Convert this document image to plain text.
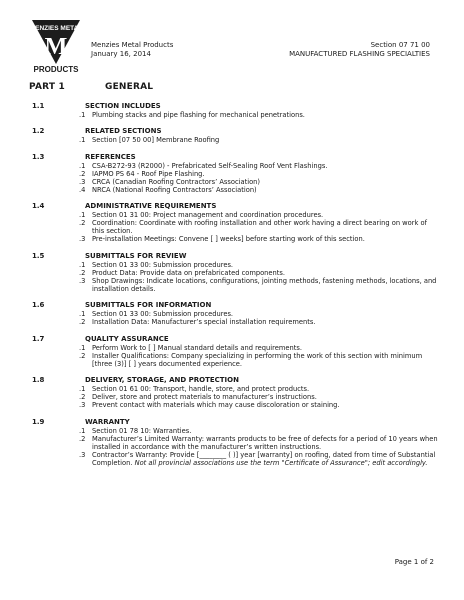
MENZIES METAL
M
PRODUCTS
Menzies Metal Products
January 16, 2014
Section 07 71 00
MANUFACTURED FLASHING SPECIALTIES
PART 1	GENERAL
1.1	SECTION INCLUDES
.1 Plumbing stacks and pipe flashing for mechanical penetrations.
1.2	RELATED SECTIONS
.1 Section [07 50 00] Membrane Roofing
1.3	REFERENCES
.1 CSA-B272-93 (R2000) - Prefabricated Self-Sealing Roof Vent Flashings.
.2 IAPMO PS 64 - Roof Pipe Flashing.
.3 CRCA (Canadian Roofing Contractors’ Association)
.4 NRCA (National Roofing Contractors’ Association)
1.4	ADMINISTRATIVE REQUIREMENTS
.1 Section 01 31 00: Project management and coordination procedures.
.2 Coordination: Coordinate with roofing installation and other work having a direct bearing on work of this section.
.3 Pre-installation Meetings: Convene [ ] weeks] before starting work of this section.
1.5	SUBMITTALS FOR REVIEW
.1 Section 01 33 00: Submission procedures.
.2 Product Data: Provide data on prefabricated components.
.3 Shop Drawings: Indicate locations, configurations, jointing methods, fastening methods, locations, and installation details.
1.6	SUBMITTALS FOR INFORMATION
.1 Section 01 33 00: Submission procedures.
.2 Installation Data: Manufacturer’s special installation requirements.
1.7	QUALITY ASSURANCE
.1 Perform Work to [ ] Manual standard details and requirements.
.2 Installer Qualifications: Company specializing in performing the work of this section with minimum [three (3)] [ ] years documented experience.
1.8	DELIVERY, STORAGE, AND PROTECTION
.1 Section 01 61 00: Transport, handle, store, and protect products.
.2 Deliver, store and protect materials to manufacturer’s instructions.
.3 Prevent contact with materials which may cause discoloration or staining.
1.9	WARRANTY
.1 Section 01 78 10: Warranties.
.2 Manufacturer’s Limited Warranty: warrants products to be free of defects for a period of 10 years when installed in accordance with the manufacturer’s written instructions.
.3 Contractor’s Warranty: Provide [________ ( )] year [warranty] on roofing, dated from time of Substantial Completion. Not all provincial associations use the term "Certificate of Assurance"; edit accordingly.
Page 1 of 2
